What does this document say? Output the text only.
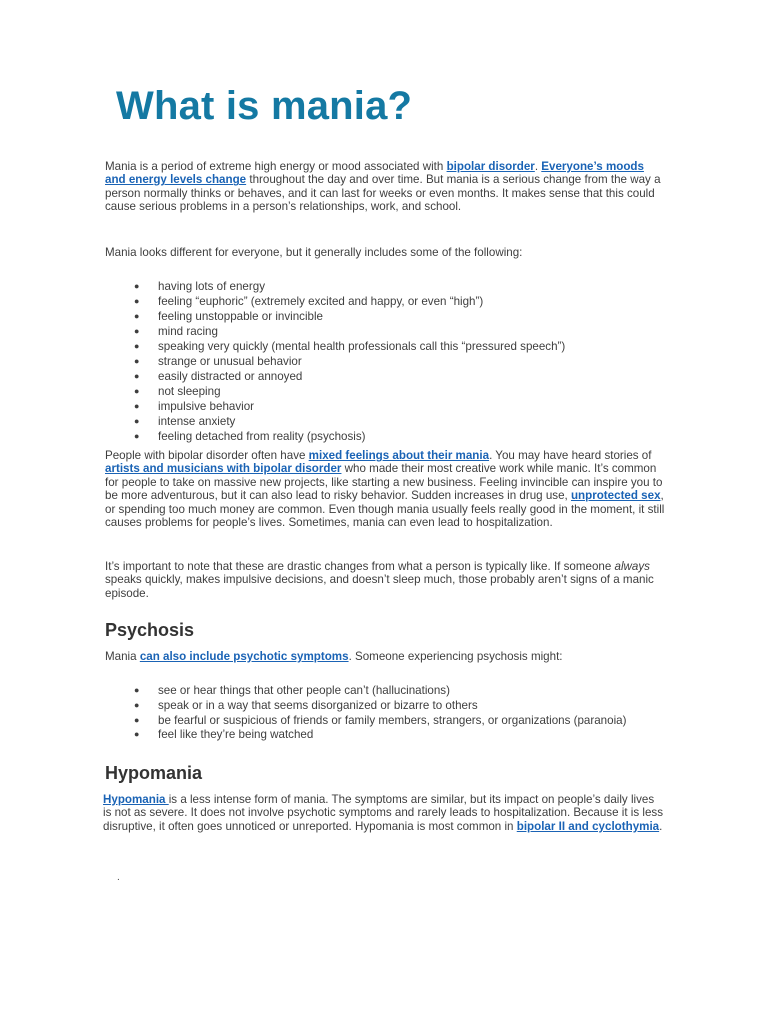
What is mania?

Mania is a period of extreme high energy or mood associated with bipolar disorder. Everyone’s moods and energy levels change throughout the day and over time. But mania is a serious change from the way a person normally thinks or behaves, and it can last for weeks or even months. It makes sense that this could cause serious problems in a person’s relationships, work, and school.

Mania looks different for everyone, but it generally includes some of the following:

● having lots of energy
● feeling “euphoric” (extremely excited and happy, or even “high”)
● feeling unstoppable or invincible
● mind racing
● speaking very quickly (mental health professionals call this “pressured speech”)
● strange or unusual behavior
● easily distracted or annoyed
● not sleeping
● impulsive behavior
● intense anxiety
● feeling detached from reality (psychosis)

People with bipolar disorder often have mixed feelings about their mania. You may have heard stories of artists and musicians with bipolar disorder who made their most creative work while manic. It’s common for people to take on massive new projects, like starting a new business. Feeling invincible can inspire you to be more adventurous, but it can also lead to risky behavior. Sudden increases in drug use, unprotected sex, or spending too much money are common. Even though mania usually feels really good in the moment, it still causes problems for people’s lives. Sometimes, mania can even lead to hospitalization.

It’s important to note that these are drastic changes from what a person is typically like. If someone always speaks quickly, makes impulsive decisions, and doesn’t sleep much, those probably aren’t signs of a manic episode.

Psychosis

Mania can also include psychotic symptoms. Someone experiencing psychosis might:

● see or hear things that other people can’t (hallucinations)
● speak or in a way that seems disorganized or bizarre to others
● be fearful or suspicious of friends or family members, strangers, or organizations (paranoia)
● feel like they’re being watched
Hypomania

Hypomania is a less intense form of mania. The symptoms are similar, but its impact on people’s daily lives is not as severe. It does not involve psychotic symptoms and rarely leads to hospitalization. Because it is less disruptive, it often goes unnoticed or unreported. Hypomania is most common in bipolar II and cyclothymia.

.
